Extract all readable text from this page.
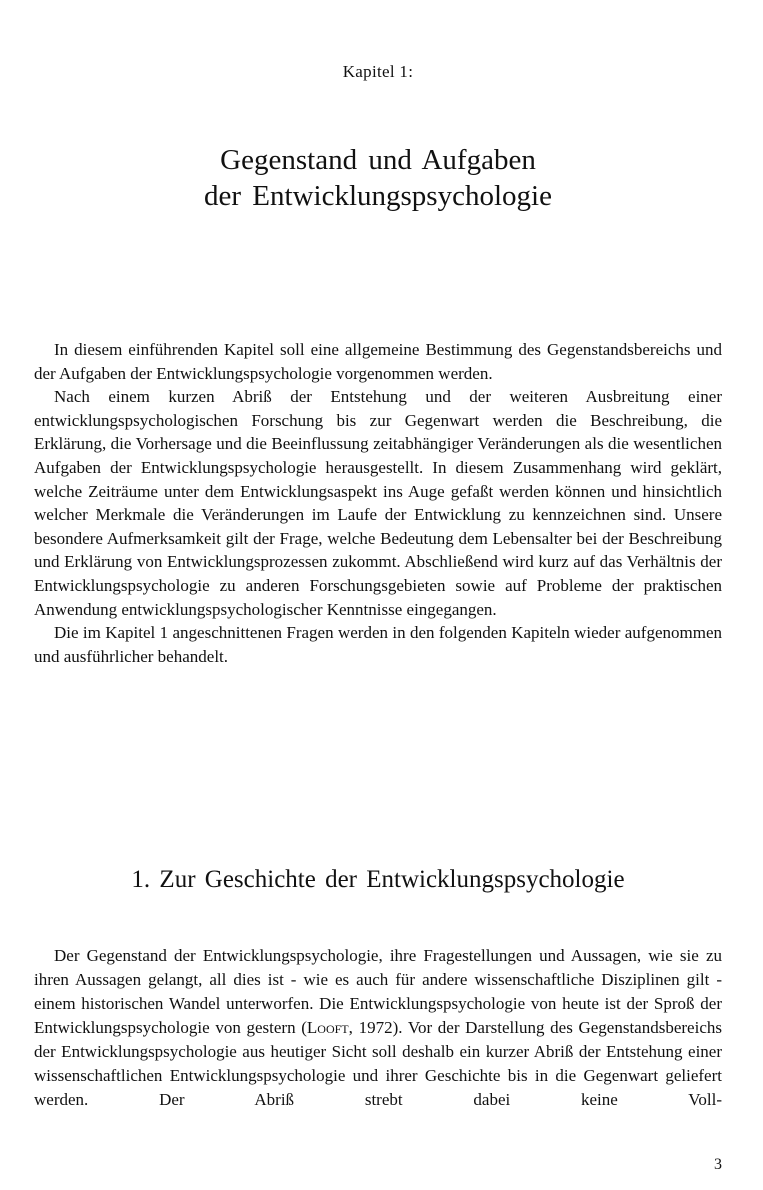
Kapitel 1:
Gegenstand und Aufgaben
der Entwicklungspsychologie

In diesem einführenden Kapitel soll eine allgemeine Bestimmung des Gegenstandsbereichs und der Aufgaben der Entwicklungspsychologie vorgenommen werden.

Nach einem kurzen Abriß der Entstehung und der weiteren Ausbreitung einer entwicklungspsychologischen Forschung bis zur Gegenwart werden die Beschreibung, die Erklärung, die Vorhersage und die Beeinflussung zeitabhängiger Veränderungen als die wesentlichen Aufgaben der Entwicklungspsychologie herausgestellt. In diesem Zusammenhang wird geklärt, welche Zeiträume unter dem Entwicklungsaspekt ins Auge gefaßt werden können und hinsichtlich welcher Merkmale die Veränderungen im Laufe der Entwicklung zu kennzeichnen sind. Unsere besondere Aufmerksamkeit gilt der Frage, welche Bedeutung dem Lebensalter bei der Beschreibung und Erklärung von Entwicklungsprozessen zukommt. Abschließend wird kurz auf das Verhältnis der Entwicklungspsychologie zu anderen Forschungsgebieten sowie auf Probleme der praktischen Anwendung entwicklungspsychologischer Kenntnisse eingegangen.

Die im Kapitel 1 angeschnittenen Fragen werden in den folgenden Kapiteln wieder aufgenommen und ausführlicher behandelt.

1. Zur Geschichte der Entwicklungspsychologie

Der Gegenstand der Entwicklungspsychologie, ihre Fragestellungen und Aussagen, wie sie zu ihren Aussagen gelangt, all dies ist - wie es auch für andere wissenschaftliche Disziplinen gilt - einem historischen Wandel unterworfen. Die Entwicklungspsychologie von heute ist der Sproß der Entwicklungspsychologie von gestern (Looft, 1972). Vor der Darstellung des Gegenstandsbereichs der Entwicklungspsychologie aus heutiger Sicht soll deshalb ein kurzer Abriß der Entstehung einer wissenschaftlichen Entwicklungspsychologie und ihrer Geschichte bis in die Gegenwart geliefert werden. Der Abriß strebt dabei keine Voll-

3
